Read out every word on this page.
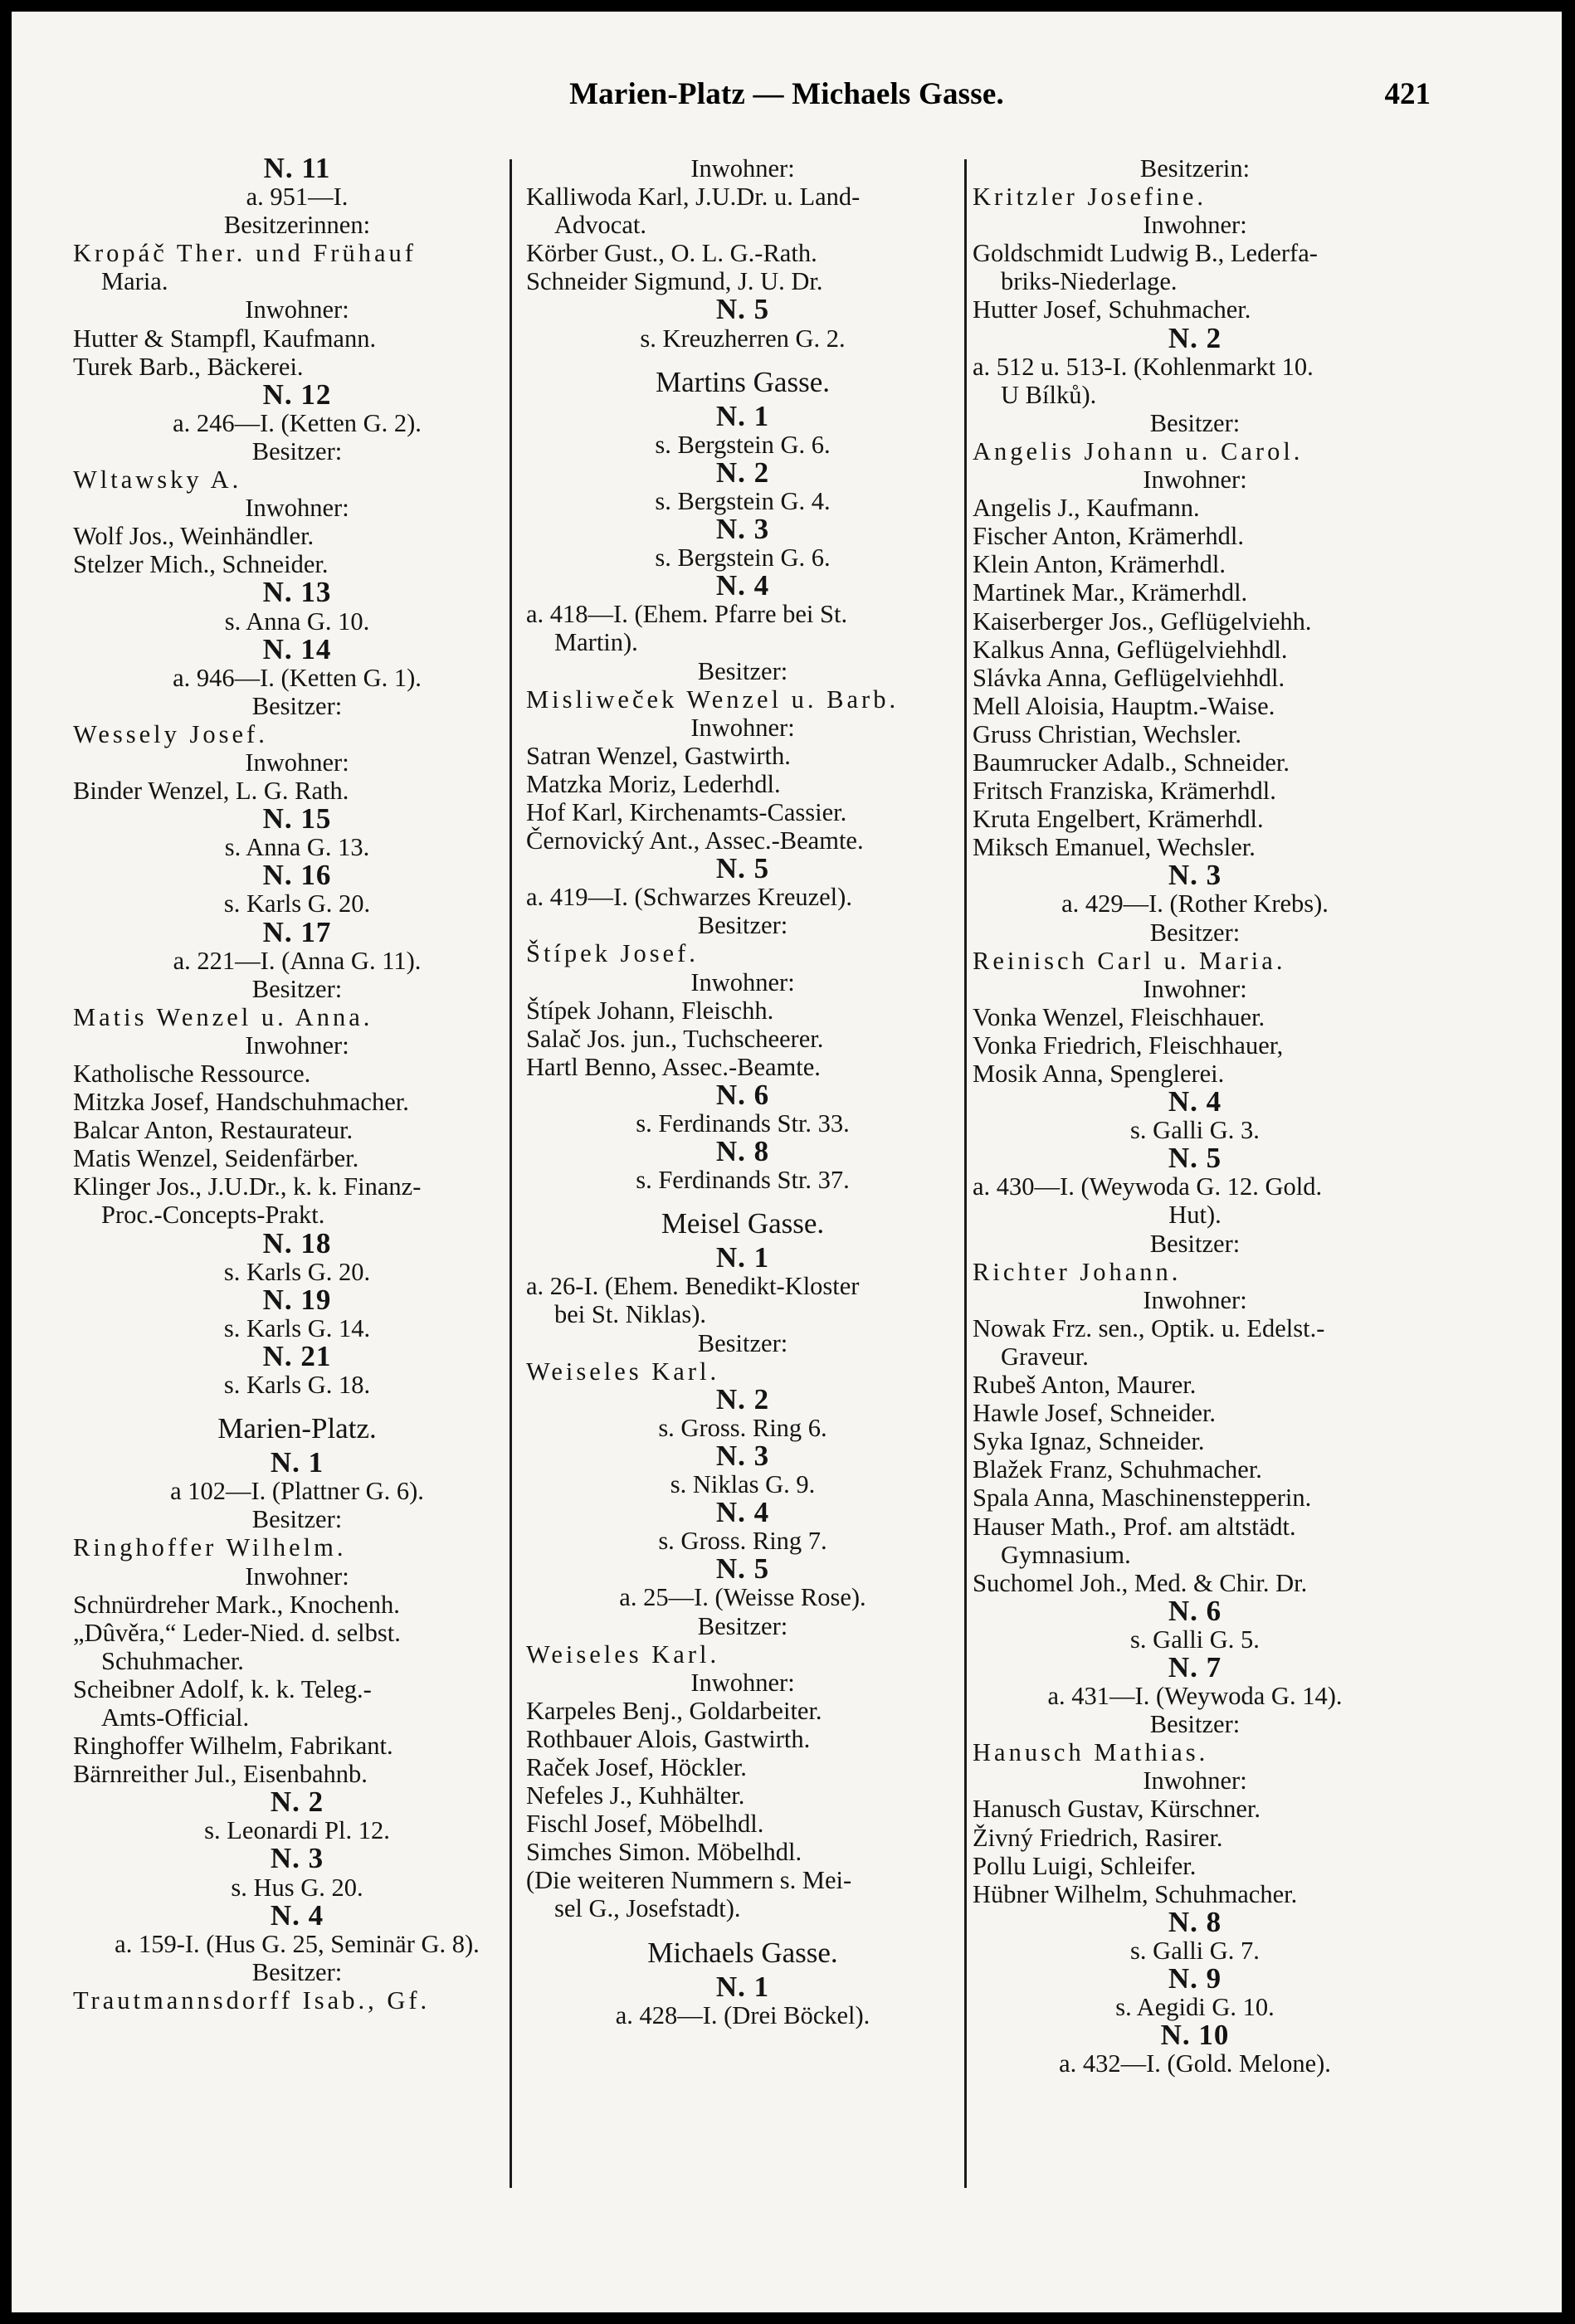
Marien-Platz — Michaels Gasse.	421
N. 11
a. 951—I.
Besitzerinnen:
Kropáč Ther. und Frühauf
Maria.
Inwohner:
Hutter & Stampfl, Kaufmann.
Turek Barb., Bäckerei.
N. 12
a. 246—I. (Ketten G. 2).
Besitzer:
Wltawsky A.
Inwohner:
Wolf Jos., Weinhändler.
Stelzer Mich., Schneider.
N. 13
s. Anna G. 10.
N. 14
a. 946—I. (Ketten G. 1).
Besitzer:
Wessely Josef.
Inwohner:
Binder Wenzel, L. G. Rath.
N. 15
s. Anna G. 13.
N. 16
s. Karls G. 20.
N. 17
a. 221—I. (Anna G. 11).
Besitzer:
Matis Wenzel u. Anna.
Inwohner:
Katholische Ressource.
Mitzka Josef, Handschuhmacher.
Balcar Anton, Restaurateur.
Matis Wenzel, Seidenfärber.
Klinger Jos., J.U.Dr., k. k. Finanz-
Proc.-Concepts-Prakt.
N. 18
s. Karls G. 20.
N. 19
s. Karls G. 14.
N. 21
s. Karls G. 18.
Marien-Platz.
N. 1
a 102—I. (Plattner G. 6).
Besitzer:
Ringhoffer Wilhelm.
Inwohner:
Schnürdreher Mark., Knochenh.
„Dûvěra,“ Leder-Nied. d. selbst.
Schuhmacher.
Scheibner Adolf, k. k. Teleg.-
Amts-Official.
Ringhoffer Wilhelm, Fabrikant.
Bärnreither Jul., Eisenbahnb.
N. 2
s. Leonardi Pl. 12.
N. 3
s. Hus G. 20.
N. 4
a. 159-I. (Hus G. 25, Seminär G. 8).
Besitzer:
Trautmannsdorff Isab., Gf.
Inwohner:
Kalliwoda Karl, J.U.Dr. u. Land-
Advocat.
Körber Gust., O. L. G.-Rath.
Schneider Sigmund, J. U. Dr.
N. 5
s. Kreuzherren G. 2.
Martins Gasse.
N. 1
s. Bergstein G. 6.
N. 2
s. Bergstein G. 4.
N. 3
s. Bergstein G. 6.
N. 4
a. 418—I. (Ehem. Pfarre bei St.
Martin).
Besitzer:
Misliweček Wenzel u. Barb.
Inwohner:
Satran Wenzel, Gastwirth.
Matzka Moriz, Lederhdl.
Hof Karl, Kirchenamts-Cassier.
Černovický Ant., Assec.-Beamte.
N. 5
a. 419—I. (Schwarzes Kreuzel).
Besitzer:
Štípek Josef.
Inwohner:
Štípek Johann, Fleischh.
Salač Jos. jun., Tuchscheerer.
Hartl Benno, Assec.-Beamte.
N. 6
s. Ferdinands Str. 33.
N. 8
s. Ferdinands Str. 37.
Meisel Gasse.
N. 1
a. 26-I. (Ehem. Benedikt-Kloster
bei St. Niklas).
Besitzer:
Weiseles Karl.
N. 2
s. Gross. Ring 6.
N. 3
s. Niklas G. 9.
N. 4
s. Gross. Ring 7.
N. 5
a. 25—I. (Weisse Rose).
Besitzer:
Weiseles Karl.
Inwohner:
Karpeles Benj., Goldarbeiter.
Rothbauer Alois, Gastwirth.
Raček Josef, Höckler.
Nefeles J., Kuhhälter.
Fischl Josef, Möbelhdl.
Simches Simon. Möbelhdl.
(Die weiteren Nummern s. Mei-
sel G., Josefstadt).
Michaels Gasse.
N. 1
a. 428—I. (Drei Böckel).
Besitzerin:
Kritzler Josefine.
Inwohner:
Goldschmidt Ludwig B., Lederfa-
briks-Niederlage.
Hutter Josef, Schuhmacher.
N. 2
a. 512 u. 513-I. (Kohlenmarkt 10.
U Bílků).
Besitzer:
Angelis Johann u. Carol.
Inwohner:
Angelis J., Kaufmann.
Fischer Anton, Krämerhdl.
Klein Anton, Krämerhdl.
Martinek Mar., Krämerhdl.
Kaiserberger Jos., Geflügelviehh.
Kalkus Anna, Geflügelviehhdl.
Slávka Anna, Geflügelviehhdl.
Mell Aloisia, Hauptm.-Waise.
Gruss Christian, Wechsler.
Baumrucker Adalb., Schneider.
Fritsch Franziska, Krämerhdl.
Kruta Engelbert, Krämerhdl.
Miksch Emanuel, Wechsler.
N. 3
a. 429—I. (Rother Krebs).
Besitzer:
Reinisch Carl u. Maria.
Inwohner:
Vonka Wenzel, Fleischhauer.
Vonka Friedrich, Fleischhauer,
Mosik Anna, Spenglerei.
N. 4
s. Galli G. 3.
N. 5
a. 430—I. (Weywoda G. 12. Gold.
Hut).
Besitzer:
Richter Johann.
Inwohner:
Nowak Frz. sen., Optik. u. Edelst.-
Graveur.
Rubeš Anton, Maurer.
Hawle Josef, Schneider.
Syka Ignaz, Schneider.
Blažek Franz, Schuhmacher.
Spala Anna, Maschinenstepperin.
Hauser Math., Prof. am altstädt.
Gymnasium.
Suchomel Joh., Med. & Chir. Dr.
N. 6
s. Galli G. 5.
N. 7
a. 431—I. (Weywoda G. 14).
Besitzer:
Hanusch Mathias.
Inwohner:
Hanusch Gustav, Kürschner.
Živný Friedrich, Rasirer.
Pollu Luigi, Schleifer.
Hübner Wilhelm, Schuhmacher.
N. 8
s. Galli G. 7.
N. 9
s. Aegidi G. 10.
N. 10
a. 432—I. (Gold. Melone).
